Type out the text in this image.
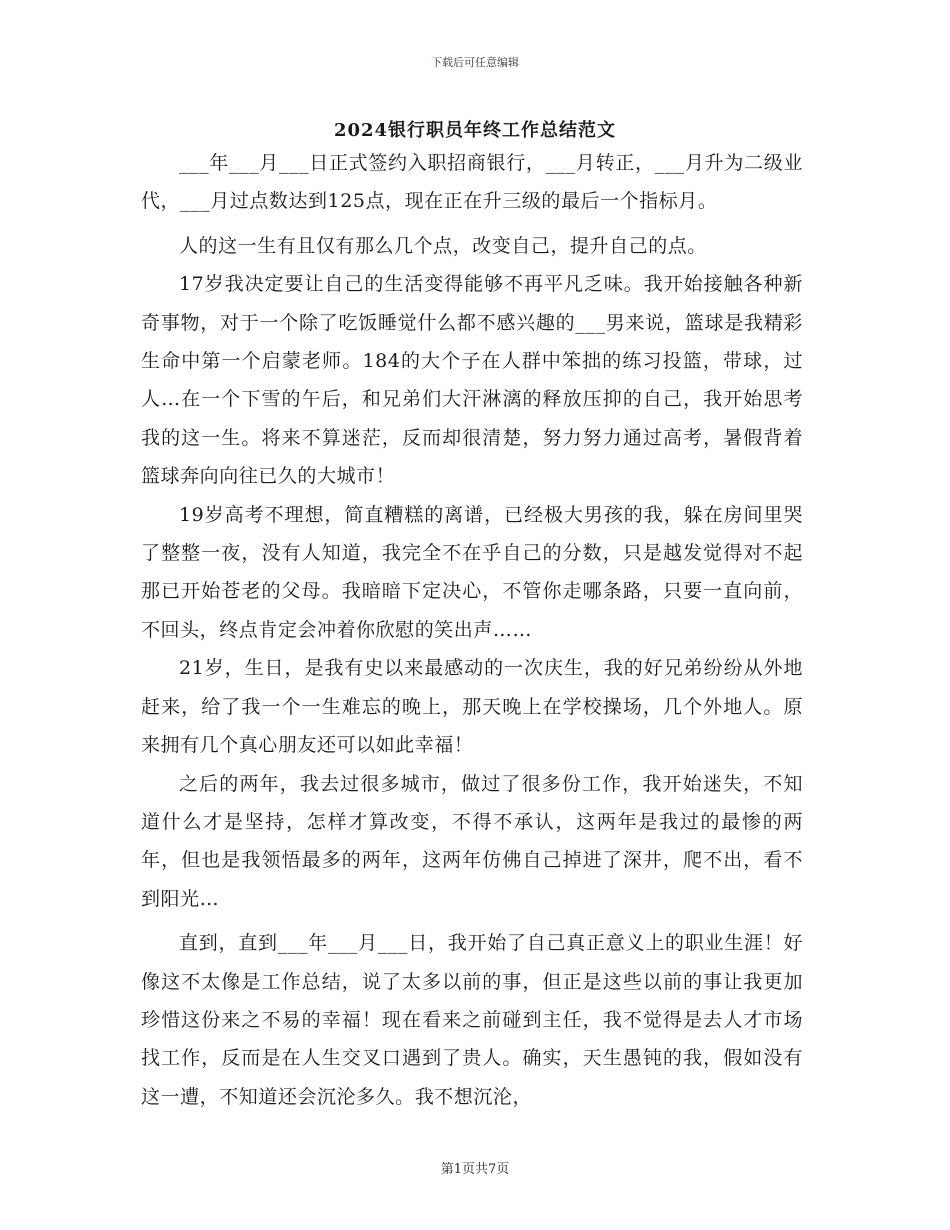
下载后可任意编辑
2024银行职员年终工作总结范文

___年___月___日正式签约入职招商银行，___月转正，___月升为二级业代，___月过点数达到125点，现在正在升三级的最后一个指标月。

人的这一生有且仅有那么几个点，改变自己，提升自己的点。

17岁我决定要让自己的生活变得能够不再平凡乏味。我开始接触各种新奇事物，对于一个除了吃饭睡觉什么都不感兴趣的___男来说，篮球是我精彩生命中第一个启蒙老师。184的大个子在人群中笨拙的练习投篮，带球，过人…在一个下雪的午后，和兄弟们大汗淋漓的释放压抑的自己，我开始思考我的这一生。将来不算迷茫，反而却很清楚，努力努力通过高考，暑假背着篮球奔向向往已久的大城市！

19岁高考不理想，简直糟糕的离谱，已经极大男孩的我，躲在房间里哭了整整一夜，没有人知道，我完全不在乎自己的分数，只是越发觉得对不起那已开始苍老的父母。我暗暗下定决心，不管你走哪条路，只要一直向前，不回头，终点肯定会冲着你欣慰的笑出声……

21岁，生日，是我有史以来最感动的一次庆生，我的好兄弟纷纷从外地赶来，给了我一个一生难忘的晚上，那天晚上在学校操场，几个外地人。原来拥有几个真心朋友还可以如此幸福！

之后的两年，我去过很多城市，做过了很多份工作，我开始迷失，不知道什么才是坚持，怎样才算改变，不得不承认，这两年是我过的最惨的两年，但也是我领悟最多的两年，这两年仿佛自己掉进了深井，爬不出，看不到阳光…

直到，直到___年___月___日，我开始了自己真正意义上的职业生涯！好像这不太像是工作总结，说了太多以前的事，但正是这些以前的事让我更加珍惜这份来之不易的幸福！现在看来之前碰到主任，我不觉得是去人才市场找工作，反而是在人生交叉口遇到了贵人。确实，天生愚钝的我，假如没有这一遭，不知道还会沉沦多久。我不想沉沦，

第1页共7页
